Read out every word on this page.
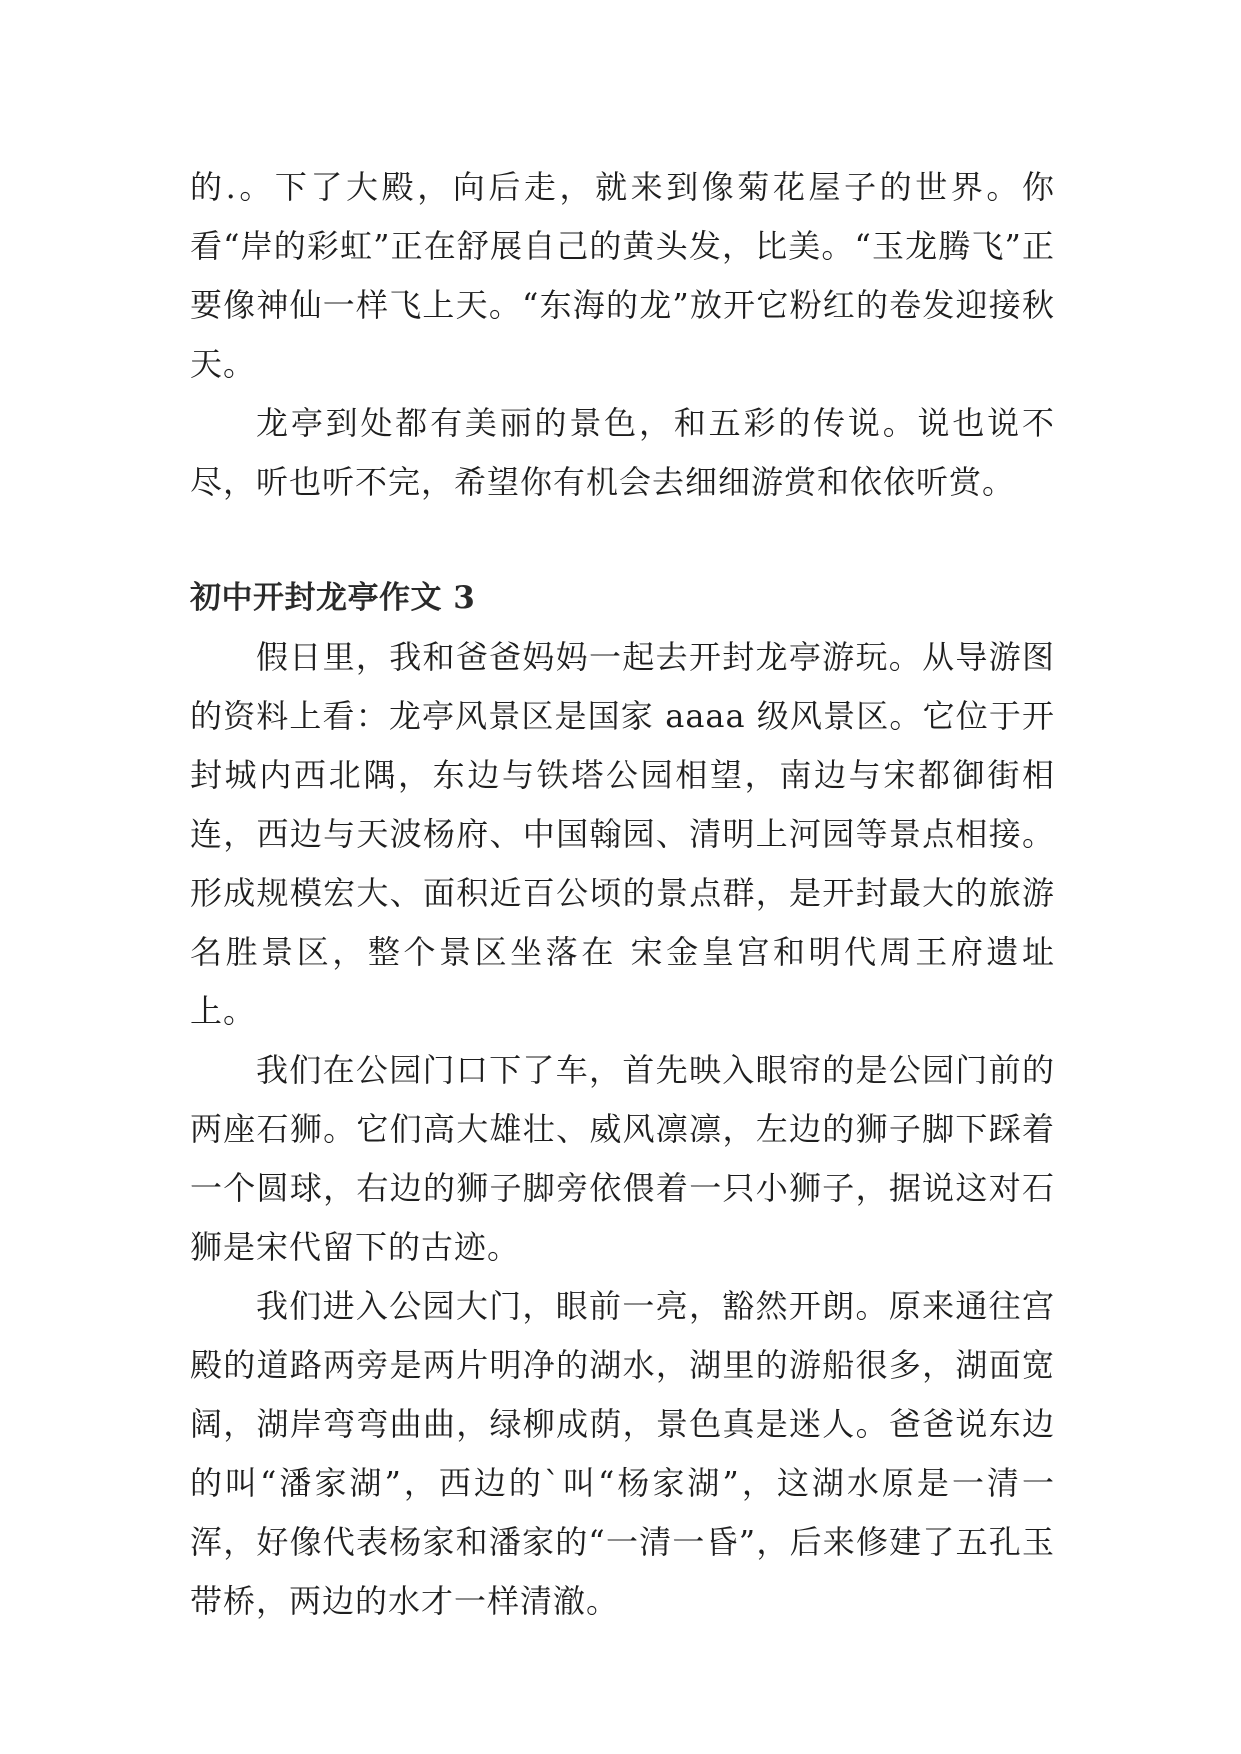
的.。下了大殿，向后走，就来到像菊花屋子的世界。你看“岸的彩虹”正在舒展自己的黄头发，比美。“玉龙腾飞”正要像神仙一样飞上天。“东海的龙”放开它粉红的卷发迎接秋天。

龙亭到处都有美丽的景色，和五彩的传说。说也说不尽，听也听不完，希望你有机会去细细游赏和依依听赏。

初中开封龙亭作文 3

假日里，我和爸爸妈妈一起去开封龙亭游玩。从导游图的资料上看：龙亭风景区是国家 aaaa 级风景区。它位于开封城内西北隅，东边与铁塔公园相望，南边与宋都御街相连，西边与天波杨府、中国翰园、清明上河园等景点相接。形成规模宏大、面积近百公顷的景点群，是开封最大的旅游名胜景区，整个景区坐落在 宋金皇宫和明代周王府遗址上。

我们在公园门口下了车，首先映入眼帘的是公园门前的两座石狮。它们高大雄壮、威风凛凛，左边的狮子脚下踩着一个圆球，右边的狮子脚旁依偎着一只小狮子，据说这对石狮是宋代留下的古迹。

我们进入公园大门，眼前一亮，豁然开朗。原来通往宫殿的道路两旁是两片明净的湖水，湖里的游船很多，湖面宽阔，湖岸弯弯曲曲，绿柳成荫，景色真是迷人。爸爸说东边的叫“潘家湖”，西边的`叫“杨家湖”，这湖水原是一清一浑，好像代表杨家和潘家的“一清一昏”，后来修建了五孔玉带桥，两边的水才一样清澈。
